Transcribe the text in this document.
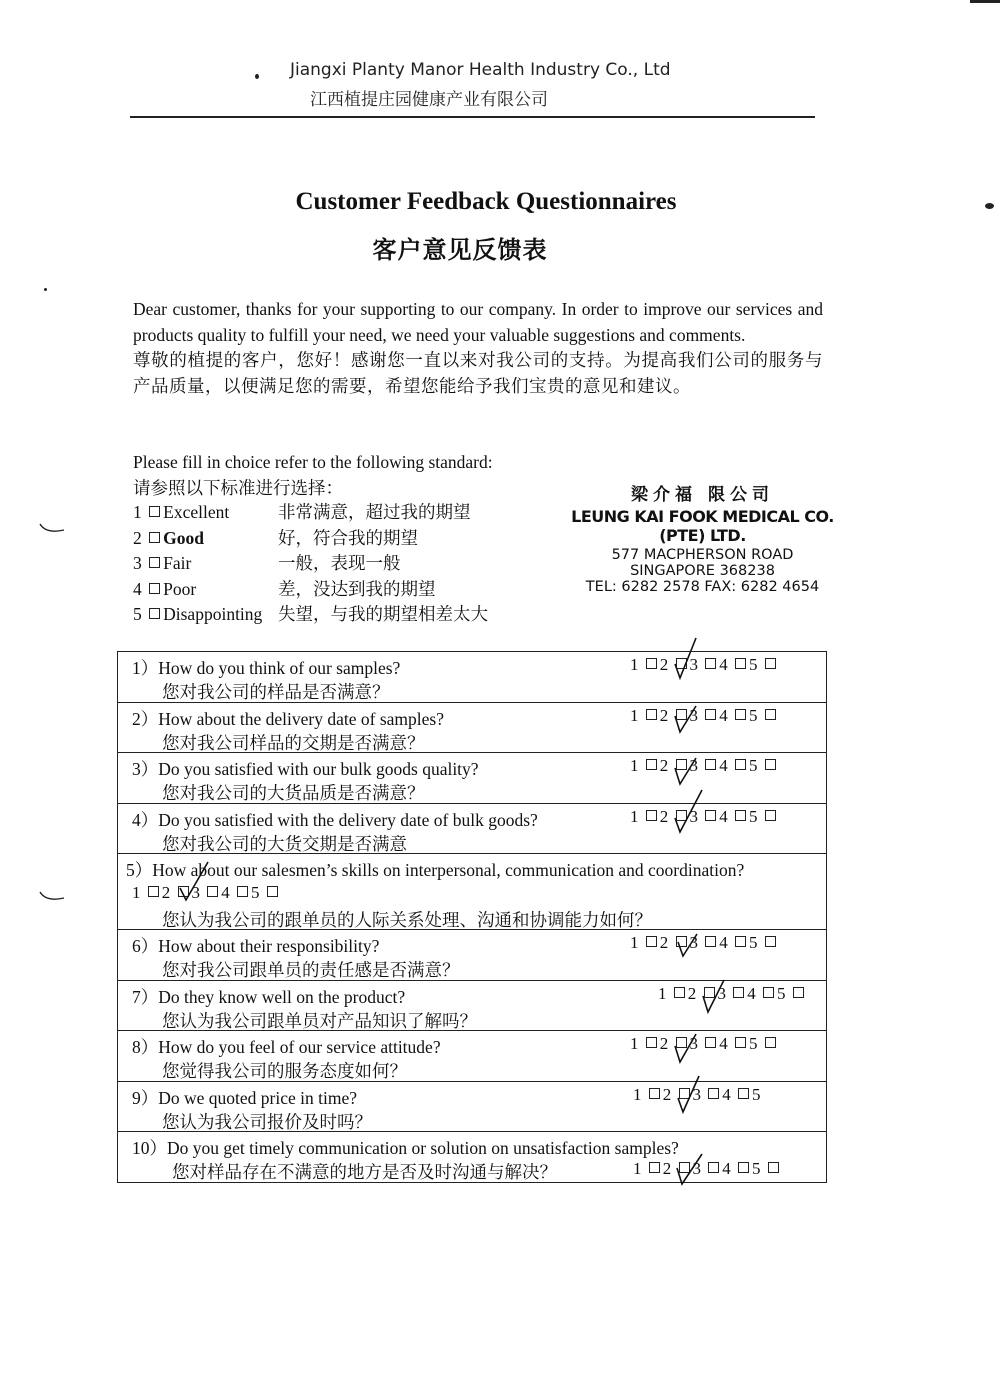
Jiangxi Planty Manor Health Industry Co., Ltd
江西植提庄园健康产业有限公司
Customer Feedback Questionnaires
客户意见反馈表
Dear customer, thanks for your supporting to our company. In order to improve our services and products quality to fulfill your need, we need your valuable suggestions and comments.
尊敬的植提的客户，您好！感谢您一直以来对我公司的支持。为提高我们公司的服务与产品质量，以便满足您的需要，希望您能给予我们宝贵的意见和建议。
Please fill in choice refer to the following standard:
请参照以下标准进行选择：
1 Excellent	非常满意，超过我的期望
2 Good	好，符合我的期望
3 Fair	一般，表现一般
4 Poor	差，没达到我的期望
5 Disappointing 失望，与我的期望相差太大
梁介福 限公司
LEUNG KAI FOOK MEDICAL CO. (PTE) LTD.
577 MACPHERSON ROAD
SINGAPORE 368238
TEL: 6282 2578 FAX: 6282 4654
1）How do you think of our samples?
您对我公司的样品是否满意？
1 2 3 4 5
2）How about the delivery date of samples?
您对我公司样品的交期是否满意？
1 2 3 4 5
3）Do you satisfied with our bulk goods quality?
您对我公司的大货品质是否满意？
1 2 3 4 5
4）Do you satisfied with the delivery date of bulk goods?
您对我公司的大货交期是否满意
1 2 3 4 5
5）How about our salesmen’s skills on interpersonal, communication and coordination?
1 2 3 4 5
您认为我公司的跟单员的人际关系处理、沟通和协调能力如何？
6）How about their responsibility?
您对我公司跟单员的责任感是否满意？
1 2 3 4 5
7）Do they know well on the product?
您认为我公司跟单员对产品知识了解吗？
1 2 3 4 5
8）How do you feel of our service attitude?
您觉得我公司的服务态度如何？
1 2 3 4 5
9）Do we quoted price in time?
您认为我公司报价及时吗？
1 2 3 4 5
10）Do you get timely communication or solution on unsatisfaction samples?
您对样品存在不满意的地方是否及时沟通与解决？	1 2 3 4 5
